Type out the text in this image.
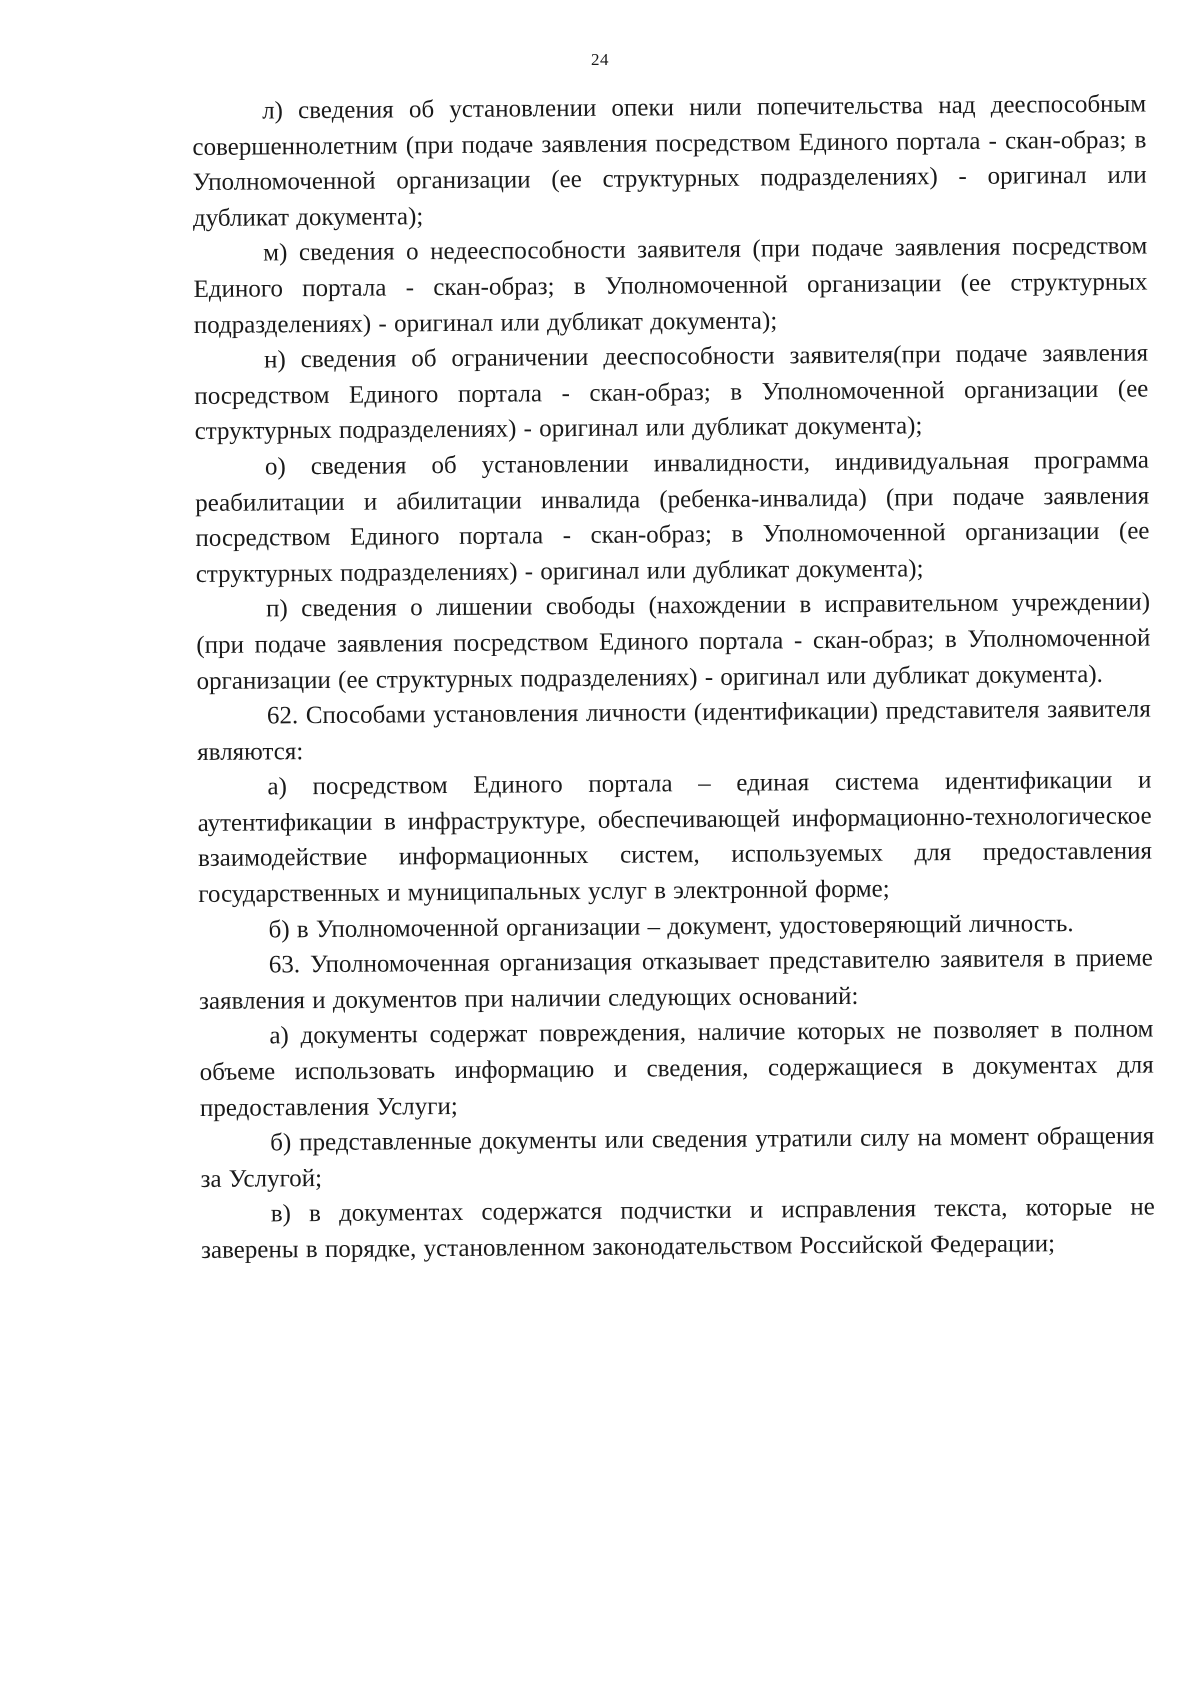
24

л) сведения об установлении опеки нили попечительства над дееспособным совершеннолетним (при подаче заявления посредством Единого портала - скан-образ; в Уполномоченной организации (ее структурных подразделениях) - оригинал или дубликат документа);

м) сведения о недееспособности заявителя (при подаче заявления посредством Единого портала - скан-образ; в Уполномоченной организации (ее структурных подразделениях) - оригинал или дубликат документа);

н) сведения об ограничении дееспособности заявителя(при подаче заявления посредством Единого портала - скан-образ; в Уполномоченной организации (ее структурных подразделениях) - оригинал или дубликат документа);

о) сведения об установлении инвалидности, индивидуальная программа реабилитации и абилитации инвалида (ребенка-инвалида) (при подаче заявления посредством Единого портала - скан-образ; в Уполномоченной организации (ее структурных подразделениях) - оригинал или дубликат документа);

п) сведения о лишении свободы (нахождении в исправительном учреждении) (при подаче заявления посредством Единого портала - скан-образ; в Уполномоченной организации (ее структурных подразделениях) - оригинал или дубликат документа).

62. Способами установления личности (идентификации) представителя заявителя являются:

а) посредством Единого портала – единая система идентификации и аутентификации в инфраструктуре, обеспечивающей информационно-технологическое взаимодействие информационных систем, используемых для предоставления государственных и муниципальных услуг в электронной форме;

б) в Уполномоченной организации – документ, удостоверяющий личность.

63. Уполномоченная организация отказывает представителю заявителя в приеме заявления и документов при наличии следующих оснований:

а) документы содержат повреждения, наличие которых не позволяет в полном объеме использовать информацию и сведения, содержащиеся в документах для предоставления Услуги;

б) представленные документы или сведения утратили силу на момент обращения за Услугой;

в) в документах содержатся подчистки и исправления текста, которые не заверены в порядке, установленном законодательством Российской Федерации;
